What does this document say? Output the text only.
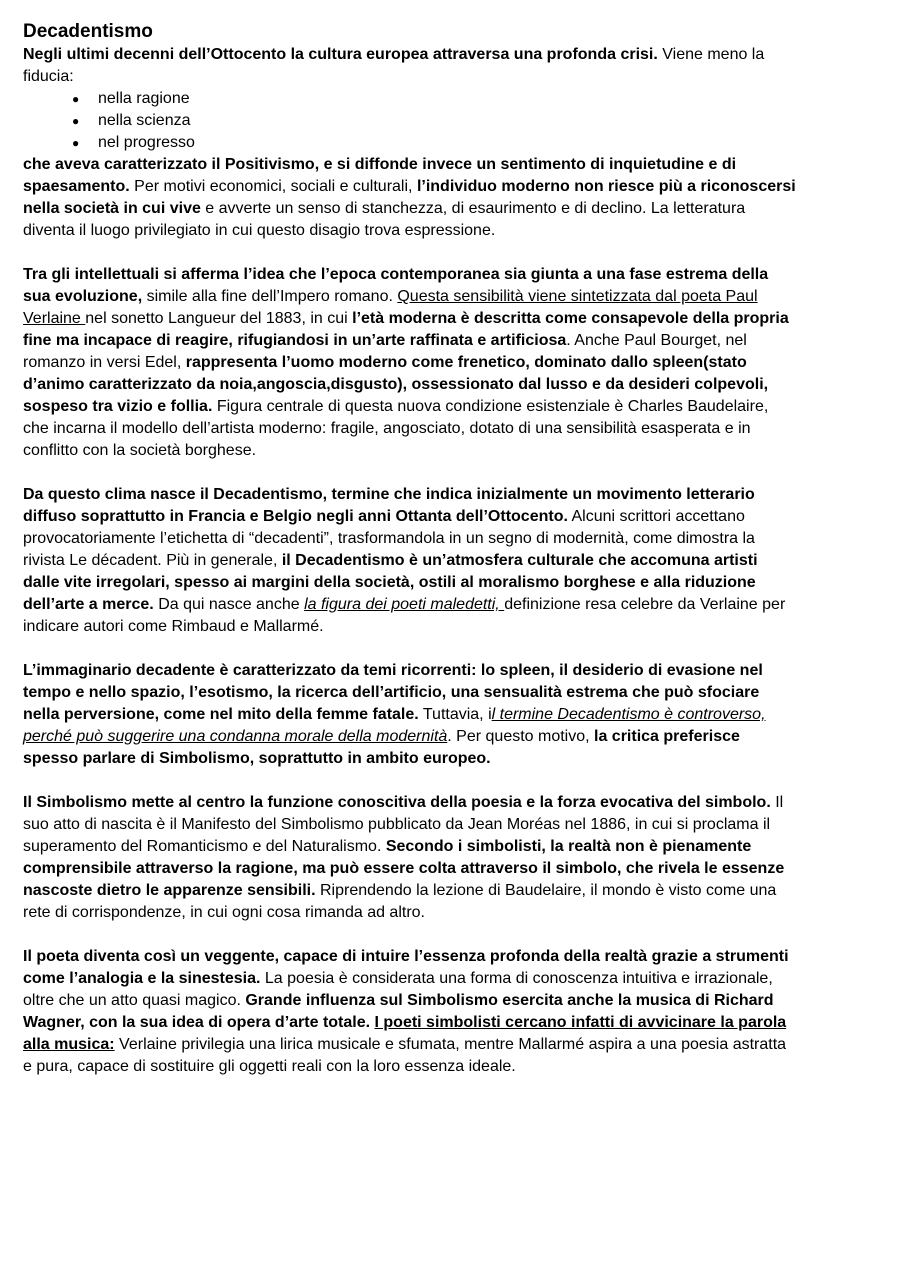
Decadentismo

Negli ultimi decenni dell’Ottocento la cultura europea attraversa una profonda crisi. Viene meno la fiducia:

● nella ragione
● nella scienza
● nel progresso

che aveva caratterizzato il Positivismo, e si diffonde invece un sentimento di inquietudine e di spaesamento. Per motivi economici, sociali e culturali, l’individuo moderno non riesce più a riconoscersi nella società in cui vive e avverte un senso di stanchezza, di esaurimento e di declino. La letteratura diventa il luogo privilegiato in cui questo disagio trova espressione.

Tra gli intellettuali si afferma l’idea che l’epoca contemporanea sia giunta a una fase estrema della sua evoluzione, simile alla fine dell’Impero romano. Questa sensibilità viene sintetizzata dal poeta Paul Verlaine nel sonetto Langueur del 1883, in cui l’età moderna è descritta come consapevole della propria fine ma incapace di reagire, rifugiandosi in un’arte raffinata e artificiosa. Anche Paul Bourget, nel romanzo in versi Edel, rappresenta l’uomo moderno come frenetico, dominato dallo spleen(stato d’animo caratterizzato da noia,angoscia,disgusto), ossessionato dal lusso e da desideri colpevoli, sospeso tra vizio e follia. Figura centrale di questa nuova condizione esistenziale è Charles Baudelaire, che incarna il modello dell’artista moderno: fragile, angosciato, dotato di una sensibilità esasperata e in conflitto con la società borghese.

Da questo clima nasce il Decadentismo, termine che indica inizialmente un movimento letterario diffuso soprattutto in Francia e Belgio negli anni Ottanta dell’Ottocento. Alcuni scrittori accettano provocatoriamente l’etichetta di “decadenti”, trasformandola in un segno di modernità, come dimostra la rivista Le décadent. Più in generale, il Decadentismo è un’atmosfera culturale che accomuna artisti dalle vite irregolari, spesso ai margini della società, ostili al moralismo borghese e alla riduzione dell’arte a merce. Da qui nasce anche la figura dei poeti maledetti, definizione resa celebre da Verlaine per indicare autori come Rimbaud e Mallarmé.

L’immaginario decadente è caratterizzato da temi ricorrenti: lo spleen, il desiderio di evasione nel tempo e nello spazio, l’esotismo, la ricerca dell’artificio, una sensualità estrema che può sfociare nella perversione, come nel mito della femme fatale. Tuttavia, il termine Decadentismo è controverso, perché può suggerire una condanna morale della modernità. Per questo motivo, la critica preferisce spesso parlare di Simbolismo, soprattutto in ambito europeo.

Il Simbolismo mette al centro la funzione conoscitiva della poesia e la forza evocativa del simbolo. Il suo atto di nascita è il Manifesto del Simbolismo pubblicato da Jean Moréas nel 1886, in cui si proclama il superamento del Romanticismo e del Naturalismo. Secondo i simbolisti, la realtà non è pienamente comprensibile attraverso la ragione, ma può essere colta attraverso il simbolo, che rivela le essenze nascoste dietro le apparenze sensibili. Riprendendo la lezione di Baudelaire, il mondo è visto come una rete di corrispondenze, in cui ogni cosa rimanda ad altro.

Il poeta diventa così un veggente, capace di intuire l’essenza profonda della realtà grazie a strumenti come l’analogia e la sinestesia. La poesia è considerata una forma di conoscenza intuitiva e irrazionale, oltre che un atto quasi magico. Grande influenza sul Simbolismo esercita anche la musica di Richard Wagner, con la sua idea di opera d’arte totale. I poeti simbolisti cercano infatti di avvicinare la parola alla musica: Verlaine privilegia una lirica musicale e sfumata, mentre Mallarmé aspira a una poesia astratta e pura, capace di sostituire gli oggetti reali con la loro essenza ideale.
